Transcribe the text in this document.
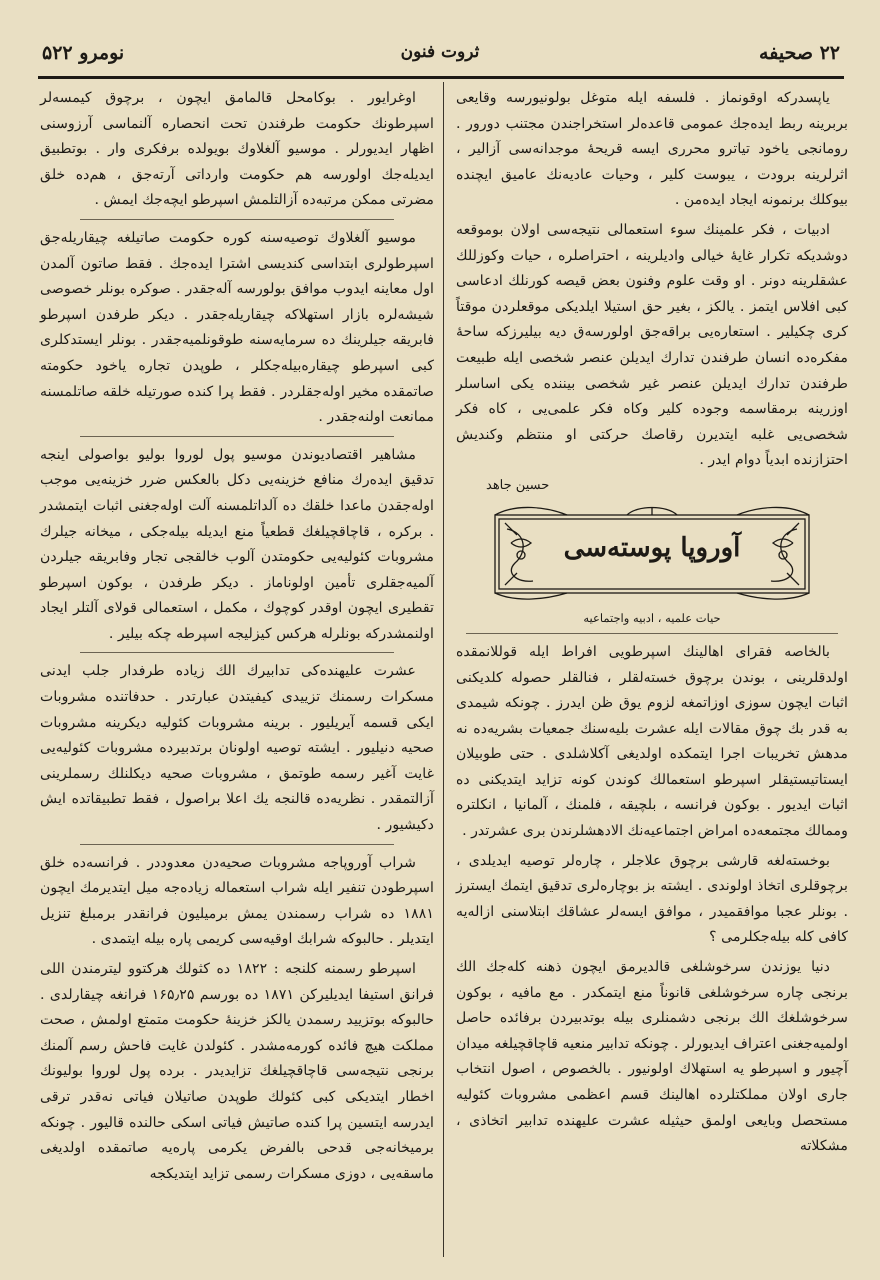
۲۲ صحیفه
ثروت فنون
نومرو ۵۲۲

یاپسدرکه اوقونماز . فلسفه ایله متوغل بولونیورسه وقایعی بربرینه ربط ایده‌جك عمومی قاعده‌لر استخراجندن مجتنب دورور . رومانجی یاخود تیاترو محرری ایسه قریحهٔ موجدانه‌سی آزالیر ، اثرلرینه برودت ، یبوست کلیر ، وحیات عادیه‌نك عامیق ایچنده بیوکلك برنمونه ایجاد ایده‌من .

ادبیات ، فکر علمینك سوء استعمالی نتیجه‌سی اولان بوموقعه دوشدیکه تکرار غایهٔ خیالی وادیلرینه ، احتراصلره ، حیات وکوزللك عشقلرینه دونر . او وقت علوم وفنون بعض قیصه کورنلك ادعاسی کبی افلاس ایتمز . یالکز ، بغیر حق استیلا ایلدیکی موقعلردن موقتاً کری چکیلیر . استعاره‌یی براقه‌جق اولورسه‌ق دیه بیلیرزکه ساحهٔ مفکره‌ده انسان طرفندن تدارك ایدیلن عنصر شخصی ایله طبیعت طرفندن تدارك ایدیلن عنصر غیر شخصی بیننده یکی اساسلر اوزرینه برمقاسمه وجوده کلیر وکاه فکر علمی‌یی ، کاه فکر شخصی‌یی غلبه ایتدیرن رقاصك حرکتی او منتظم وکندیش احتزازنده ابدیاً دوام ایدر .

حسین جاهد
آوروپا پوسته‌سی
حیات علمیه ، ادبیه واجتماعیه

بالخاصه فقرای اهالینك اسپرطویی افراط ایله قوللانمقده اولدقلرینی ، بوندن برچوق خسته‌لقلر ، فنالقلر حصوله کلدیکنی اثبات ایچون سوزی اوزاتمغه لزوم یوق ظن ایدرز . چونکه شیمدی به قدر بك چوق مقالات ایله عشرت بلیه‌سنك جمعیات بشریه‌ده نه مدهش تخریبات اجرا ایتمکده اولدیغی آکلاشلدی . حتی طوبیلان ایستاتیستیقلر اسپرطو استعمالك کوندن کونه تزاید ایتدیکنی ده اثبات ایدیور . بوکون فرانسه ، بلچیقه ، فلمنك ، آلمانیا ، انکلتره وممالك مجتمعه‌ده امراض اجتماعیه‌نك الادهشلرندن بری عشرتدر .

بوخسته‌لغه قارشی برچوق علاجلر ، چاره‌لر توصیه ایدیلدی ، برچوقلری اتخاذ اولوندی . ایشته بز بوچاره‌لری تدقیق ایتمك ایسترز . بونلر عجبا موافقمیدر ، موافق ایسه‌لر عشاقك ابتلاسنی ازاله‌یه کافی کله بیله‌جکلرمی ؟

دنیا یوزندن سرخوشلغی قالدیرمق ایچون ذهنه کله‌جك الك برنجی چاره سرخوشلغی قانوناً منع ایتمکدر . مع مافیه ، بوکون سرخوشلغك الك برنجی دشمنلری بیله بوتدبیردن برفائده حاصل اولمیه‌جغنی اعتراف ایدیورلر . چونکه تدابیر منعیه قاچاقچیلغه میدان آچیور و اسپرطو یه استهلاك اولونیور . بالخصوص ، اصول انتخاب جاری اولان مملکتلرده اهالینك قسم اعظمی مشروبات کئولیه مستحصل وبایعی اولمق حیثیله عشرت علیهنده تدابیر اتخاذی ، مشکلاته

اوغرایور . بوکامحل قالمامق ایچون ، برچوق کیمسه‌لر اسپرطونك حکومت طرفندن تحت انحصاره آلنماسی آرزوسنی اظهار ایدیورلر . موسیو آلغلاوك بویولده برفکری وار . بوتطبیق ایدیله‌جك اولورسه هم حکومت وارداتی آرته‌جق ، هم‌ده خلق مضرتی ممکن مرتبه‌ده آزالتلمش اسپرطو ایچه‌جك ایمش .

موسیو آلغلاوك توصیه‌سنه کوره حکومت صاتیلغه چیقاریله‌جق اسپرطولری ابتداسی کندیسی اشترا ایده‌جك . فقط صاتون آلمدن اول معاینه ایدوب موافق بولورسه آله‌جقدر . صوکره بونلر خصوصی شیشه‌لره بازار استهلاکه چیقاریله‌جقدر . دیکر طرفدن اسپرطو فابریقه جیلرینك ده سرمایه‌سنه طوقونلمیه‌جقدر . بونلر ایستدکلری کبی اسپرطو چیقاره‌بیله‌جکلر ، طوپدن تجاره یاخود حکومته صاتمقده مخیر اوله‌جقلردر . فقط پرا کنده صورتیله خلقه صاتلمسنه ممانعت اولنه‌جقدر .

مشاهیر اقتصادیوندن موسیو پول لوروا بولیو بواصولی اینجه تدقیق ایده‌رك منافع خزینه‌یی دکل بالعکس ضرر خزینه‌یی موجب اوله‌جقدن ماعدا خلقك ده آلداتلمسنه آلت اوله‌جغنی اثبات ایتمشدر . برکره ، قاچاقچیلغك قطعیاً منع ایدیله بیله‌جکی ، میخانه جیلرك مشروبات کئولیه‌یی حکومتدن آلوب خالقجی تجار وفابریقه جیلردن آلمیه‌جقلری تأمین اولوناماز . دیکر طرفدن ، بوکون اسپرطو تقطیری ایچون اوقدر کوچوك ، مکمل ، استعمالی قولای آلتلر ایجاد اولنمشدرکه بونلرله هرکس کیزلیجه اسپرطه چکه بیلیر .

عشرت علیهنده‌کی تدابیرك الك زیاده طرفدار جلب ایدنی مسکرات رسمنك تزییدی کیفیتدن عبارتدر . حدفاتنده مشروبات ایکی قسمه آیریلیور . برینه مشروبات کئولیه دیکرینه مشروبات صحیه دنیلیور . ایشته توصیه اولونان برتدبیرده مشروبات کئولیه‌یی غایت آغیر رسمه طوتمق ، مشروبات صحیه دیکلنلك رسملرینی آزالتمقدر . نظریه‌ده قالنجه یك اعلا براصول ، فقط تطبیقاتده ایش دکیشیور .

شراب آوروپاجه مشروبات صحیه‌دن معدوددر . فرانسه‌ده خلق اسپرطودن تنفیر ایله شراب استعماله زیاده‌جه میل ایتدیرمك ایچون ۱۸۸۱ ده شراب رسمندن یمش برمیلیون فرانقدر برمبلغ تنزیل ایتدیلر . حالبوکه شرابك اوقیه‌سی کریمی پاره بیله ایتمدی .

اسپرطو رسمنه کلنجه : ۱۸۲۲ ده کثولك هرکتوو لیترمندن اللی فرانق استیفا ایدیلیرکن ۱۸۷۱ ده بورسم ۱۶۵٫۲۵ فرانغه چیقارلدی . حالبوکه بوتزیید رسمدن یالکز خزینهٔ حکومت متمتع اولمش ، صحت مملکت هیچ فائده کورمه‌مشدر . کئولدن غایت فاحش رسم آلمنك برنجی نتیجه‌سی قاچاقچیلغك تزایدیدر . برده پول لوروا بولیونك اخطار ایتدیکی کبی کئولك طوپدن صاتیلان فیاتی نه‌قدر ترقی ایدرسه ایتسین پرا کنده صاتیش فیاتی اسکی حالنده قالیور . چونکه برمیخانه‌جی قدحی بالفرض یکرمی پاره‌یه صاتمقده اولدیغی ماسقه‌یی ، دوزی مسکرات رسمی تزاید ایتدیکجه
